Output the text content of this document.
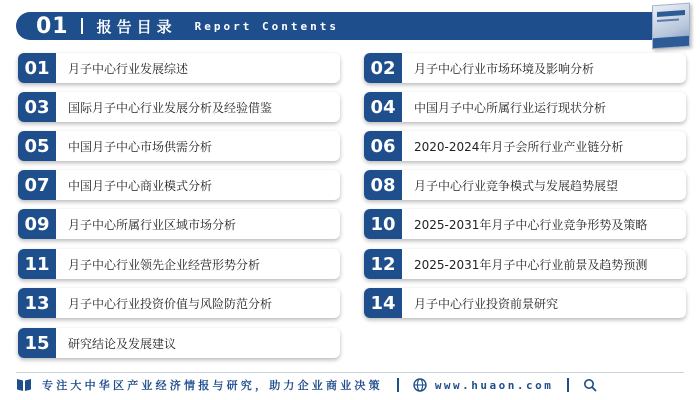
01 报告目录 Report Contents
01	月子中心行业发展综述	02	月子中心行业市场环境及影响分析
03	国际月子中心行业发展分析及经验借鉴	04	中国月子中心所属行业运行现状分析
05	中国月子中心市场供需分析	06	2020-2024年月子会所行业产业链分析
07	中国月子中心商业模式分析	08	月子中心行业竞争模式与发展趋势展望
09	月子中心所属行业区域市场分析	10	2025-2031年月子中心行业竞争形势及策略
11	月子中心行业领先企业经营形势分析	12	2025-2031年月子中心行业前景及趋势预测
13	月子中心行业投资价值与风险防范分析	14	月子中心行业投资前景研究
15	研究结论及发展建议
专注大中华区产业经济情报与研究，助力企业商业决策	www.huaon.com
